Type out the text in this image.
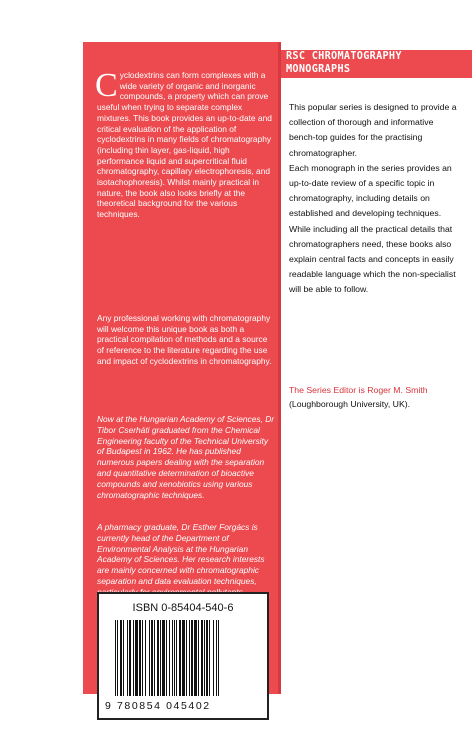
Cyclodextrins can form complexes with a wide variety of organic and inorganic compounds, a property which can prove useful when trying to separate complex mixtures. This book provides an up-to-date and critical evaluation of the application of cyclodextrins in many fields of chromatography (including thin layer, gas-liquid, high performance liquid and supercritical fluid chromatography, capillary electrophoresis, and isotachophoresis). Whilst mainly practical in nature, the book also looks briefly at the theoretical background for the various techniques.

Any professional working with chromatography will welcome this unique book as both a practical compilation of methods and a source of reference to the literature regarding the use and impact of cyclodextrins in chromatography.

Now at the Hungarian Academy of Sciences, Dr Tibor Cserháti graduated from the Chemical Engineering faculty of the Technical University of Budapest in 1962. He has published numerous papers dealing with the separation and quantitative determination of bioactive compounds and xenobiotics using various chromatographic techniques.

A pharmacy graduate, Dr Esther Forgács is currently head of the Department of Environmental Analysis at the Hungarian Academy of Sciences. Her research interests are mainly concerned with chromatographic separation and data evaluation techniques,

ISBN 0-85404-540-6
9 780854 045402

RSC CHROMATOGRAPHY
MONOGRAPHS

This popular series is designed to provide a collection of thorough and informative bench-top guides for the practising chromatographer.
Each monograph in the series provides an up-to-date review of a specific topic in chromatography, including details on established and developing techniques. While including all the practical details that chromatographers need, these books also explain central facts and concepts in easily readable language which the non-specialist will be able to follow.

The Series Editor is Roger M. Smith
(Loughborough University, UK).
